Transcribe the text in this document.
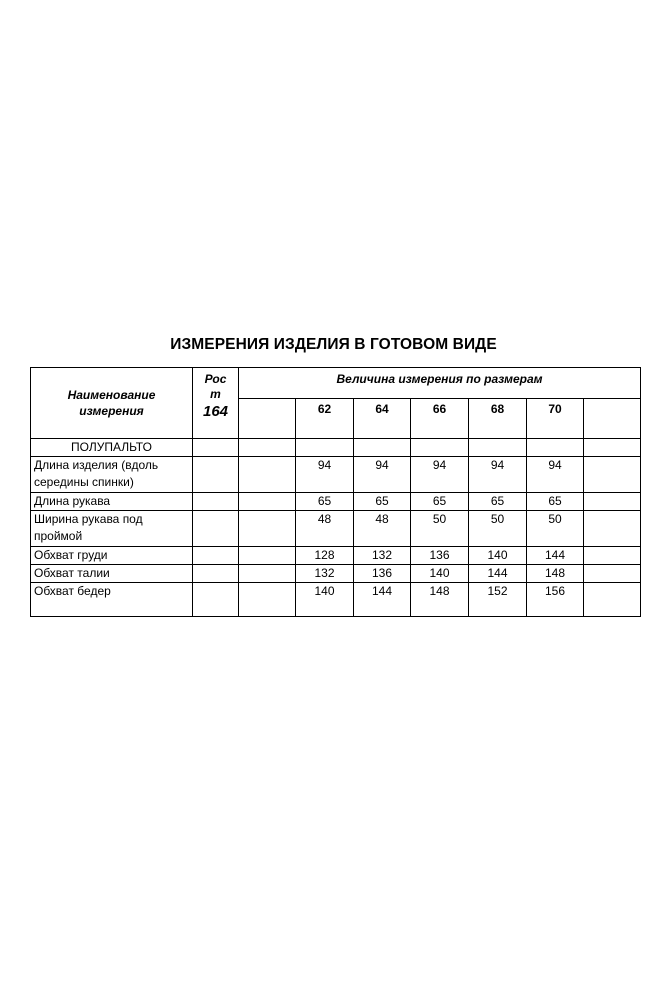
ИЗМЕРЕНИЯ ИЗДЕЛИЯ В ГОТОВОМ ВИДЕ
Наименование
измерения	Рос
т
164	Величина измерения по размерам						
			62	64	66	68	70	
ПОЛУПАЛЬТО								
Длина изделия (вдоль
середины спинки)			94	94	94	94	94	
Длина рукава			65	65	65	65	65	
Ширина рукава под
проймой			48	48	50	50	50	
Обхват груди			128	132	136	140	144	
Обхват талии			132	136	140	144	148	
Обхват бедер			140	144	148	152	156	
